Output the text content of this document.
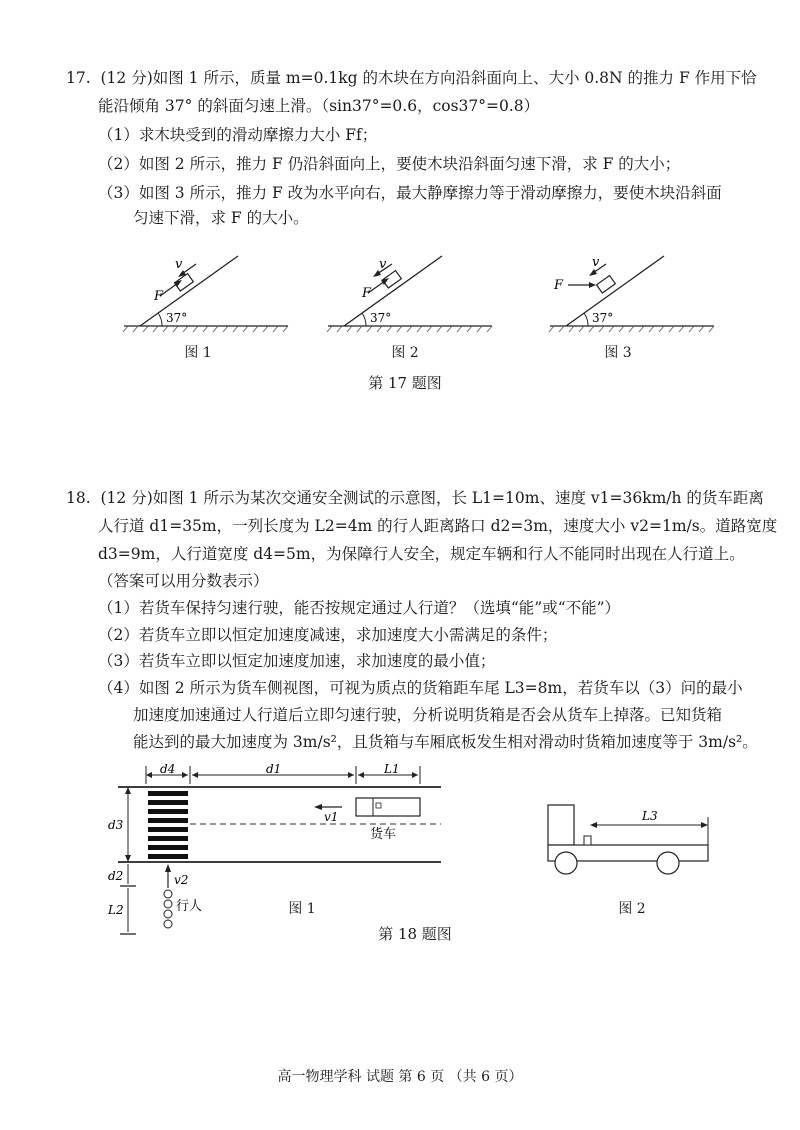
17.  (12 分)如图 1 所示，质量 m=0.1kg 的木块在方向沿斜面向上、大小 0.8N 的推力 F 作用下恰
能沿倾角 37° 的斜面匀速上滑。（sin37°=0.6，cos37°=0.8）
（1）求木块受到的滑动摩擦力大小 Ff；
（2）如图 2 所示，推力 F 仍沿斜面向上，要使木块沿斜面匀速下滑，求 F 的大小；
（3）如图 3 所示，推力 F 改为水平向右，最大静摩擦力等于滑动摩擦力，要使木块沿斜面
匀速下滑，求 F 的大小。
F
v
37°
图 1
F
v
37°
图 2
F
v
37°
图 3
第 17 题图
18.  (12 分)如图 1 所示为某次交通安全测试的示意图，长 L1=10m、速度 v1=36km/h 的货车距离
人行道 d1=35m，一列长度为 L2=4m 的行人距离路口 d2=3m，速度大小 v2=1m/s。道路宽度
d3=9m，人行道宽度 d4=5m，为保障行人安全，规定车辆和行人不能同时出现在人行道上。
（答案可以用分数表示）
（1）若货车保持匀速行驶，能否按规定通过人行道？（选填“能”或“不能”）
（2）若货车立即以恒定加速度减速，求加速度大小需满足的条件；
（3）若货车立即以恒定加速度加速，求加速度的最小值；
（4）如图 2 所示为货车侧视图，可视为质点的货箱距车尾 L3=8m，若货车以（3）问的最小
加速度加速通过人行道后立即匀速行驶，分析说明货箱是否会从货车上掉落。已知货箱
能达到的最大加速度为 3m/s²，且货箱与车厢底板发生相对滑动时货箱加速度等于 3m/s²。
d4	d1	L1
d3
v1
货车
d2
L2
v2
行人	图 1
L3
图 2
第 18 题图
高一物理学科 试题 第 6 页 （共 6 页）
